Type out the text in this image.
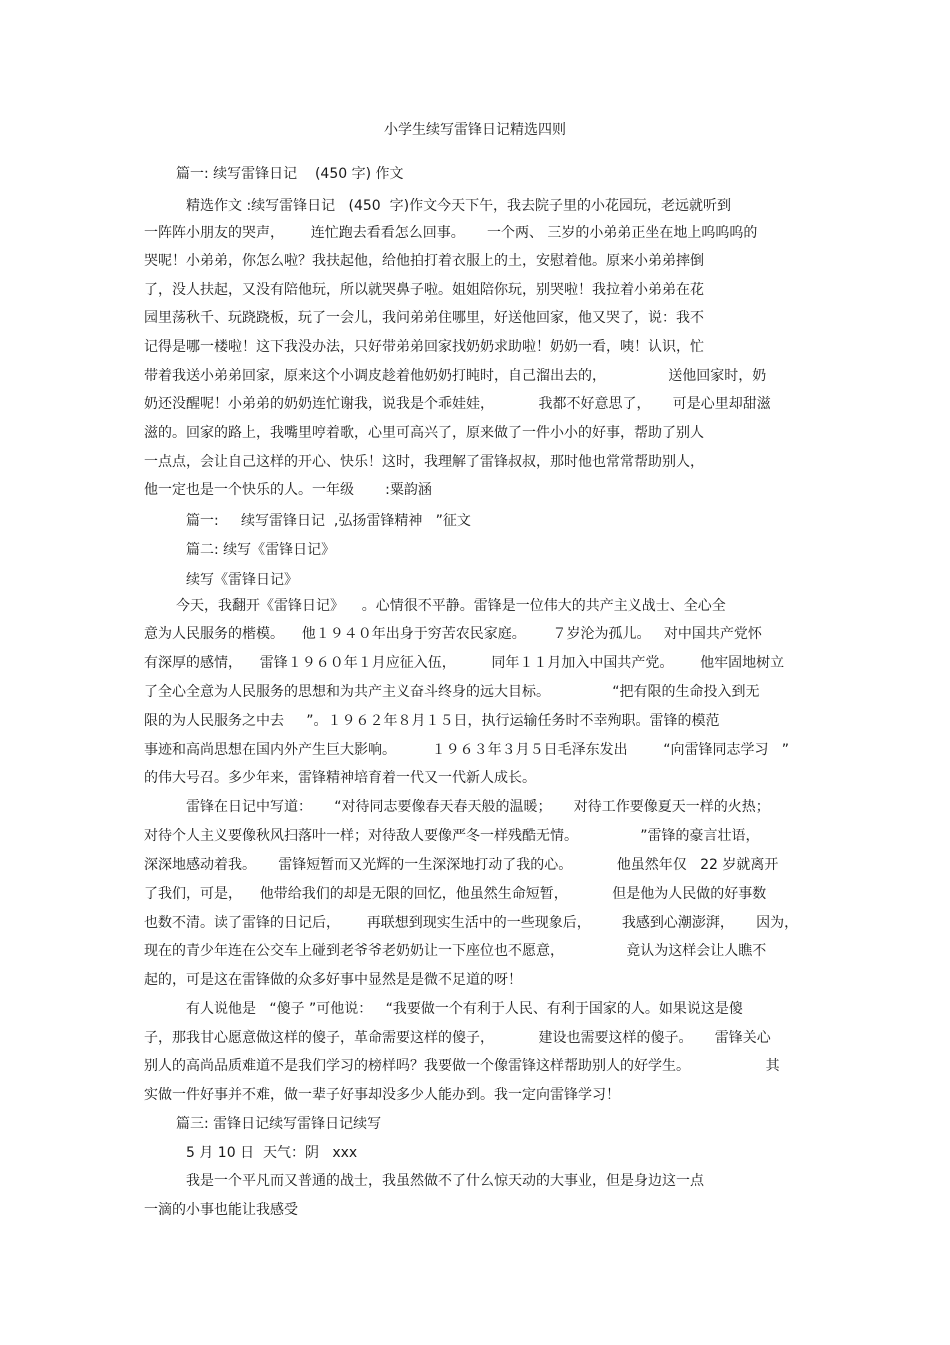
小学生续写雷锋日记精选四则
篇一: 续写雷锋日记    (450 字) 作文
精选作文 :续写雷锋日记   (450  字)作文今天下午，我去院子里的小花园玩，老远就听到
一阵阵小朋友的哭声，      连忙跑去看看怎么回事。     一个两、 三岁的小弟弟正坐在地上呜呜呜的
哭呢！小弟弟，你怎么啦？我扶起他，给他拍打着衣服上的土，安慰着他。原来小弟弟摔倒
了，没人扶起，又没有陪他玩，所以就哭鼻子啦。姐姐陪你玩，别哭啦！我拉着小弟弟在花
园里荡秋千、玩跷跷板，玩了一会儿，我问弟弟住哪里，好送他回家，他又哭了，说：我不
记得是哪一楼啦！这下我没办法，只好带弟弟回家找奶奶求助啦！奶奶一看，咦！认识，忙
带着我送小弟弟回家，原来这个小调皮趁着他奶奶打盹时，自己溜出去的，              送他回家时，奶
奶还没醒呢！小弟弟的奶奶连忙谢我，说我是个乖娃娃，          我都不好意思了，     可是心里却甜滋
滋的。回家的路上，我嘴里哼着歌，心里可高兴了，原来做了一件小小的好事，帮助了别人
一点点，会让自己这样的开心、快乐！这时，我理解了雷锋叔叔，那时他也常常帮助别人，
他一定也是一个快乐的人。一年级       :粟韵涵
篇一:     续写雷锋日记  ,弘扬雷锋精神   ”征文
篇二: 续写《雷锋日记》
续写《雷锋日记》
今天，我翻开《雷锋日记》    。心情很不平静。雷锋是一位伟大的共产主义战士、全心全
意为人民服务的楷模。    他１９４０年出身于穷苦农民家庭。      ７岁沦为孤儿。   对中国共产党怀
有深厚的感情，    雷锋１９６０年１月应征入伍，        同年１１月加入中国共产党。      他牢固地树立
了全心全意为人民服务的思想和为共产主义奋斗终身的远大目标。              “把有限的生命投入到无
限的为人民服务之中去     ”。１９６２年８月１５日，执行运输任务时不幸殉职。雷锋的模范
事迹和高尚思想在国内外产生巨大影响。        １９６３年３月５日毛泽东发出        “向雷锋同志学习   ”
的伟大号召。多少年来，雷锋精神培育着一代又一代新人成长。
雷锋在日记中写道：     “对待同志要像春天春天般的温暖；     对待工作要像夏天一样的火热；
对待个人主义要像秋风扫落叶一样；对待敌人要像严冬一样残酷无情。              ”雷锋的豪言壮语，
深深地感动着我。     雷锋短暂而又光辉的一生深深地打动了我的心。          他虽然年仅   22 岁就离开
了我们，可是，    他带给我们的却是无限的回忆，他虽然生命短暂，          但是他为人民做的好事数
也数不清。读了雷锋的日记后，      再联想到现实生活中的一些现象后，       我感到心潮澎湃，     因为，
现在的青少年连在公交车上碰到老爷爷老奶奶让一下座位也不愿意，              竟认为这样会让人瞧不
起的，可是这在雷锋做的众多好事中显然是是微不足道的呀！
有人说他是   “傻子 ”可他说：   “我要做一个有利于人民、有利于国家的人。如果说这是傻
子，那我甘心愿意做这样的傻子，革命需要这样的傻子，          建设也需要这样的傻子。     雷锋关心
别人的高尚品质难道不是我们学习的榜样吗？我要做一个像雷锋这样帮助别人的好学生。                 其
实做一件好事并不难，做一辈子好事却没多少人能办到。我一定向雷锋学习！
篇三: 雷锋日记续写雷锋日记续写
5 月 10 日  天气：阴   xxx
我是一个平凡而又普通的战士，我虽然做不了什么惊天动的大事业，但是身边这一点
一滴的小事也能让我感受
